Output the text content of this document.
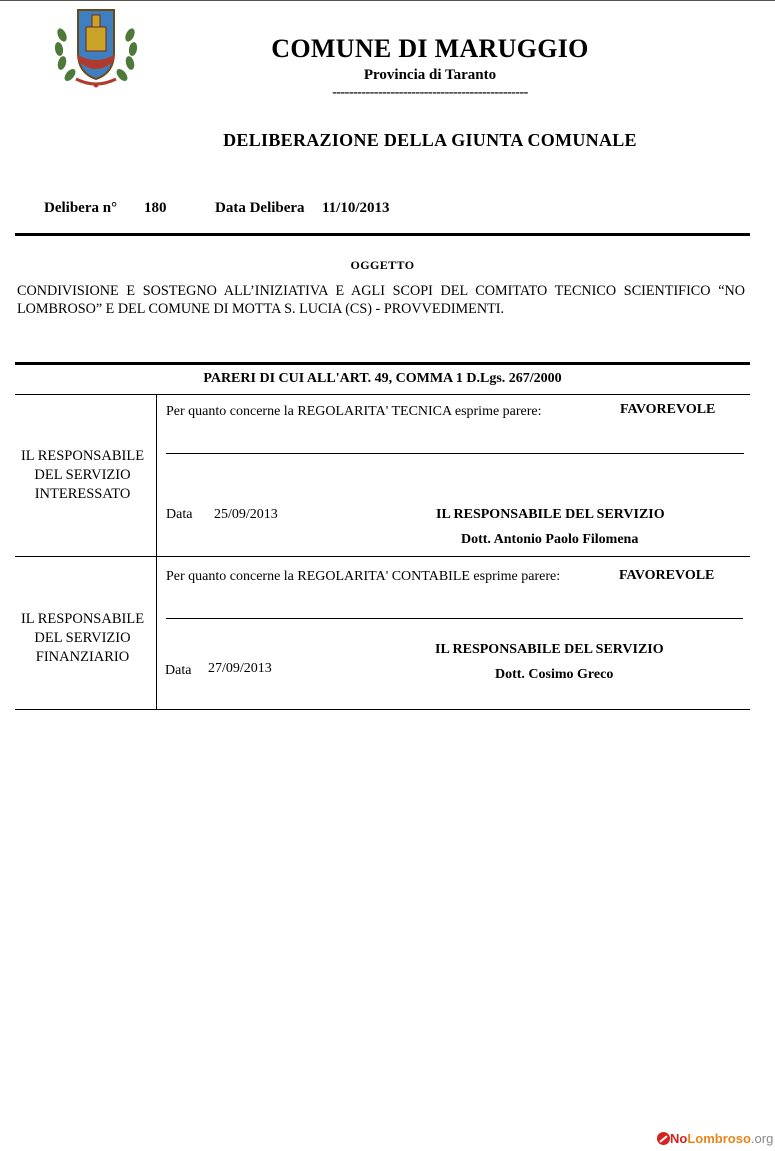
COMUNE DI MARUGGIO
Provincia di Taranto
-----------------------------------------------
DELIBERAZIONE DELLA GIUNTA COMUNALE
Delibera n° 180	Data Delibera 11/10/2013
OGGETTO
CONDIVISIONE E SOSTEGNO ALL’INIZIATIVA E AGLI SCOPI DEL COMITATO TECNICO SCIENTIFICO “NO LOMBROSO” E DEL COMUNE DI MOTTA S. LUCIA (CS) - PROVVEDIMENTI.
PARERI DI CUI ALL'ART. 49, COMMA 1 D.Lgs. 267/2000
IL RESPONSABILE DEL SERVIZIO INTERESSATO
Per quanto concerne la REGOLARITA' TECNICA esprime parere:	FAVOREVOLE
Data 25/09/2013	IL RESPONSABILE DEL SERVIZIO
Dott. Antonio Paolo Filomena
IL RESPONSABILE DEL SERVIZIO FINANZIARIO
Per quanto concerne la REGOLARITA' CONTABILE esprime parere:	FAVOREVOLE
Data 27/09/2013
IL RESPONSABILE DEL SERVIZIO
Dott. Cosimo Greco
NoLombroso.org
